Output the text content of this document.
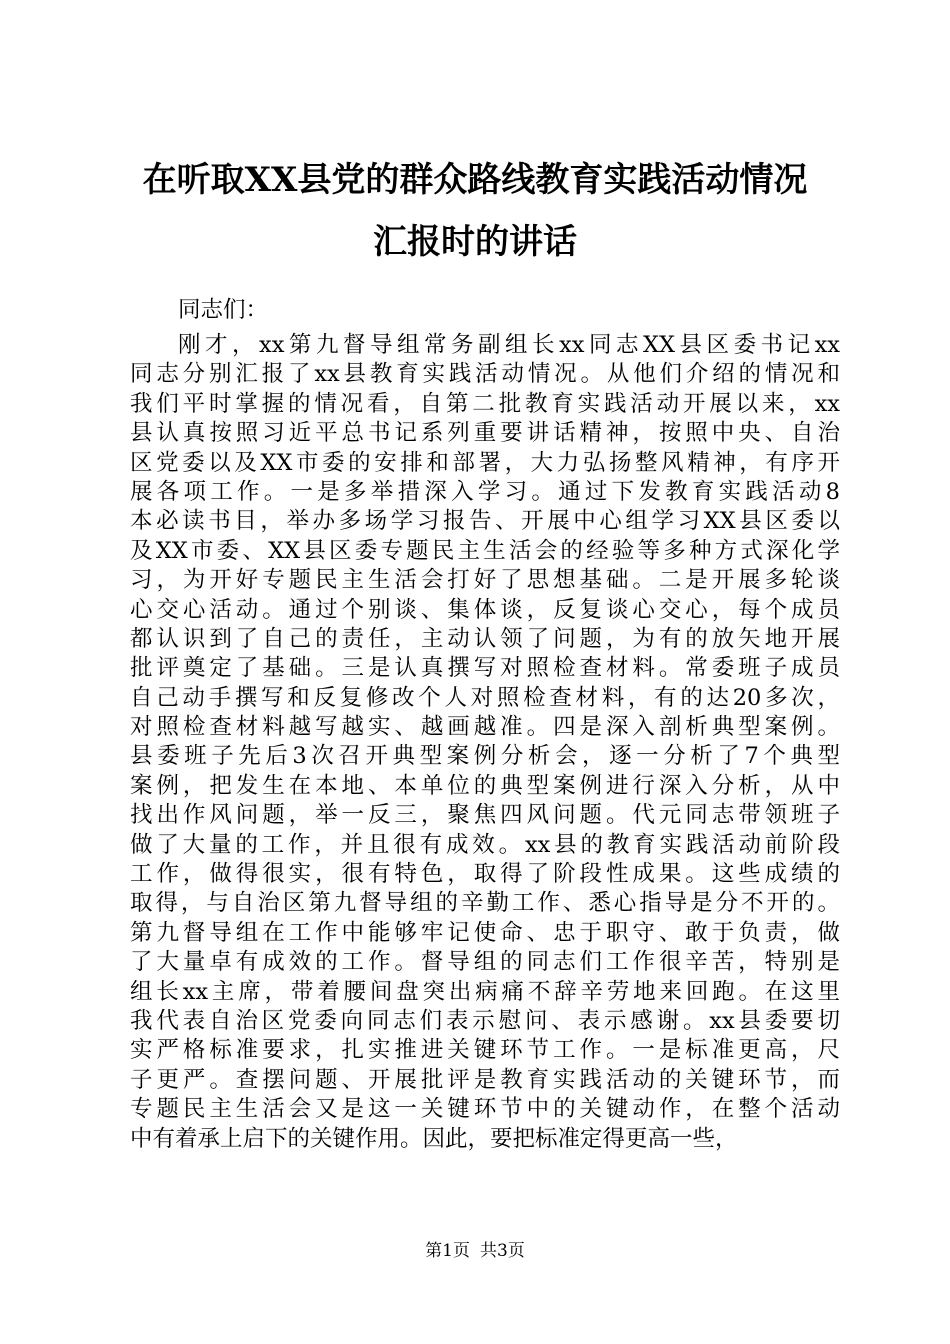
在听取XX县党的群众路线教育实践活动情况
汇报时的讲话
同志们：
刚才，xx第九督导组常务副组长xx同志XX县区委书记xx
同志分别汇报了xx县教育实践活动情况。从他们介绍的情况和
我们平时掌握的情况看，自第二批教育实践活动开展以来，xx
县认真按照习近平总书记系列重要讲话精神，按照中央、自治
区党委以及XX市委的安排和部署，大力弘扬整风精神，有序开
展各项工作。一是多举措深入学习。通过下发教育实践活动8
本必读书目，举办多场学习报告、开展中心组学习XX县区委以
及XX市委、XX县区委专题民主生活会的经验等多种方式深化学
习，为开好专题民主生活会打好了思想基础。二是开展多轮谈
心交心活动。通过个别谈、集体谈，反复谈心交心，每个成员
都认识到了自己的责任，主动认领了问题，为有的放矢地开展
批评奠定了基础。三是认真撰写对照检查材料。常委班子成员
自己动手撰写和反复修改个人对照检查材料，有的达20多次，
对照检查材料越写越实、越画越准。四是深入剖析典型案例。
县委班子先后3次召开典型案例分析会，逐一分析了7个典型
案例，把发生在本地、本单位的典型案例进行深入分析，从中
找出作风问题，举一反三，聚焦四风问题。代元同志带领班子
做了大量的工作，并且很有成效。xx县的教育实践活动前阶段
工作，做得很实，很有特色，取得了阶段性成果。这些成绩的
取得，与自治区第九督导组的辛勤工作、悉心指导是分不开的。
第九督导组在工作中能够牢记使命、忠于职守、敢于负责，做
了大量卓有成效的工作。督导组的同志们工作很辛苦，特别是
组长xx主席，带着腰间盘突出病痛不辞辛劳地来回跑。在这里
我代表自治区党委向同志们表示慰问、表示感谢。xx县委要切
实严格标准要求，扎实推进关键环节工作。一是标准更高，尺
子更严。查摆问题、开展批评是教育实践活动的关键环节，而
专题民主生活会又是这一关键环节中的关键动作，在整个活动
中有着承上启下的关键作用。因此，要把标准定得更高一些，
第1页 共3页
